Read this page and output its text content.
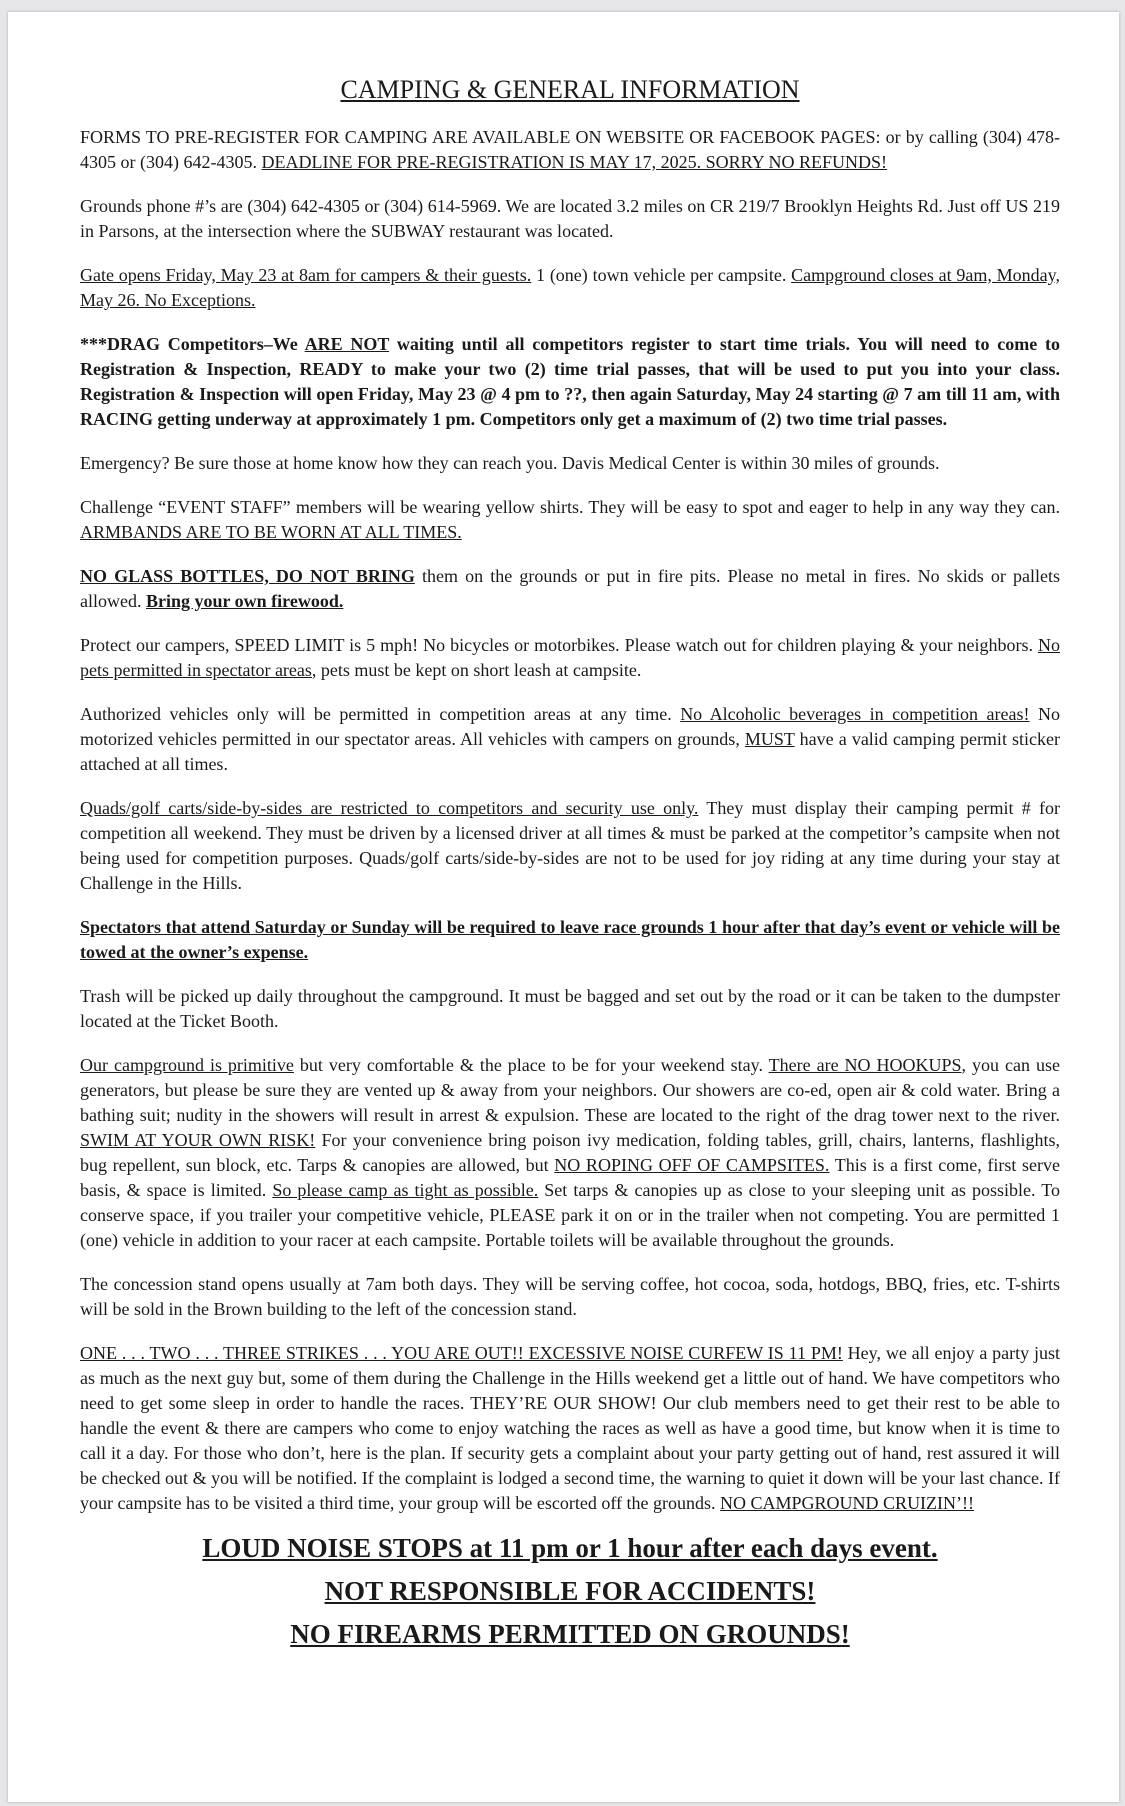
CAMPING & GENERAL INFORMATION

FORMS TO PRE-REGISTER FOR CAMPING ARE AVAILABLE ON WEBSITE OR FACEBOOK PAGES: or by calling (304) 478-4305 or (304) 642-4305. DEADLINE FOR PRE-REGISTRATION IS MAY 17, 2025. SORRY NO REFUNDS!

Grounds phone #’s are (304) 642-4305 or (304) 614-5969. We are located 3.2 miles on CR 219/7 Brooklyn Heights Rd. Just off US 219 in Parsons, at the intersection where the SUBWAY restaurant was located.

Gate opens Friday, May 23 at 8am for campers & their guests. 1 (one) town vehicle per campsite. Campground closes at 9am, Monday, May 26. No Exceptions.

***DRAG Competitors–We ARE NOT waiting until all competitors register to start time trials. You will need to come to Registration & Inspection, READY to make your two (2) time trial passes, that will be used to put you into your class. Registration & Inspection will open Friday, May 23 @ 4 pm to ??, then again Saturday, May 24 starting @ 7 am till 11 am, with RACING getting underway at approximately 1 pm. Competitors only get a maximum of (2) two time trial passes.

Emergency? Be sure those at home know how they can reach you. Davis Medical Center is within 30 miles of grounds.

Challenge “EVENT STAFF” members will be wearing yellow shirts. They will be easy to spot and eager to help in any way they can. ARMBANDS ARE TO BE WORN AT ALL TIMES.

NO GLASS BOTTLES, DO NOT BRING them on the grounds or put in fire pits. Please no metal in fires. No skids or pallets allowed. Bring your own firewood.

Protect our campers, SPEED LIMIT is 5 mph! No bicycles or motorbikes. Please watch out for children playing & your neighbors. No pets permitted in spectator areas, pets must be kept on short leash at campsite.

Authorized vehicles only will be permitted in competition areas at any time. No Alcoholic beverages in competition areas! No motorized vehicles permitted in our spectator areas. All vehicles with campers on grounds, MUST have a valid camping permit sticker attached at all times.

Quads/golf carts/side-by-sides are restricted to competitors and security use only. They must display their camping permit # for competition all weekend. They must be driven by a licensed driver at all times & must be parked at the competitor’s campsite when not being used for competition purposes. Quads/golf carts/side-by-sides are not to be used for joy riding at any time during your stay at Challenge in the Hills.

Spectators that attend Saturday or Sunday will be required to leave race grounds 1 hour after that day’s event or vehicle will be towed at the owner’s expense.

Trash will be picked up daily throughout the campground. It must be bagged and set out by the road or it can be taken to the dumpster located at the Ticket Booth.

Our campground is primitive but very comfortable & the place to be for your weekend stay. There are NO HOOKUPS, you can use generators, but please be sure they are vented up & away from your neighbors. Our showers are co-ed, open air & cold water. Bring a bathing suit; nudity in the showers will result in arrest & expulsion. These are located to the right of the drag tower next to the river. SWIM AT YOUR OWN RISK! For your convenience bring poison ivy medication, folding tables, grill, chairs, lanterns, flashlights, bug repellent, sun block, etc. Tarps & canopies are allowed, but NO ROPING OFF OF CAMPSITES. This is a first come, first serve basis, & space is limited. So please camp as tight as possible. Set tarps & canopies up as close to your sleeping unit as possible. To conserve space, if you trailer your competitive vehicle, PLEASE park it on or in the trailer when not competing. You are permitted 1 (one) vehicle in addition to your racer at each campsite. Portable toilets will be available throughout the grounds.

The concession stand opens usually at 7am both days. They will be serving coffee, hot cocoa, soda, hotdogs, BBQ, fries, etc. T-shirts will be sold in the Brown building to the left of the concession stand.

ONE . . . TWO . . . THREE STRIKES . . . YOU ARE OUT!! EXCESSIVE NOISE CURFEW IS 11 PM! Hey, we all enjoy a party just as much as the next guy but, some of them during the Challenge in the Hills weekend get a little out of hand. We have competitors who need to get some sleep in order to handle the races. THEY’RE OUR SHOW! Our club members need to get their rest to be able to handle the event & there are campers who come to enjoy watching the races as well as have a good time, but know when it is time to call it a day. For those who don’t, here is the plan. If security gets a complaint about your party getting out of hand, rest assured it will be checked out & you will be notified. If the complaint is lodged a second time, the warning to quiet it down will be your last chance. If your campsite has to be visited a third time, your group will be escorted off the grounds. NO CAMPGROUND CRUIZIN’!!

LOUD NOISE STOPS at 11 pm or 1 hour after each days event.
NOT RESPONSIBLE FOR ACCIDENTS!
NO FIREARMS PERMITTED ON GROUNDS!
